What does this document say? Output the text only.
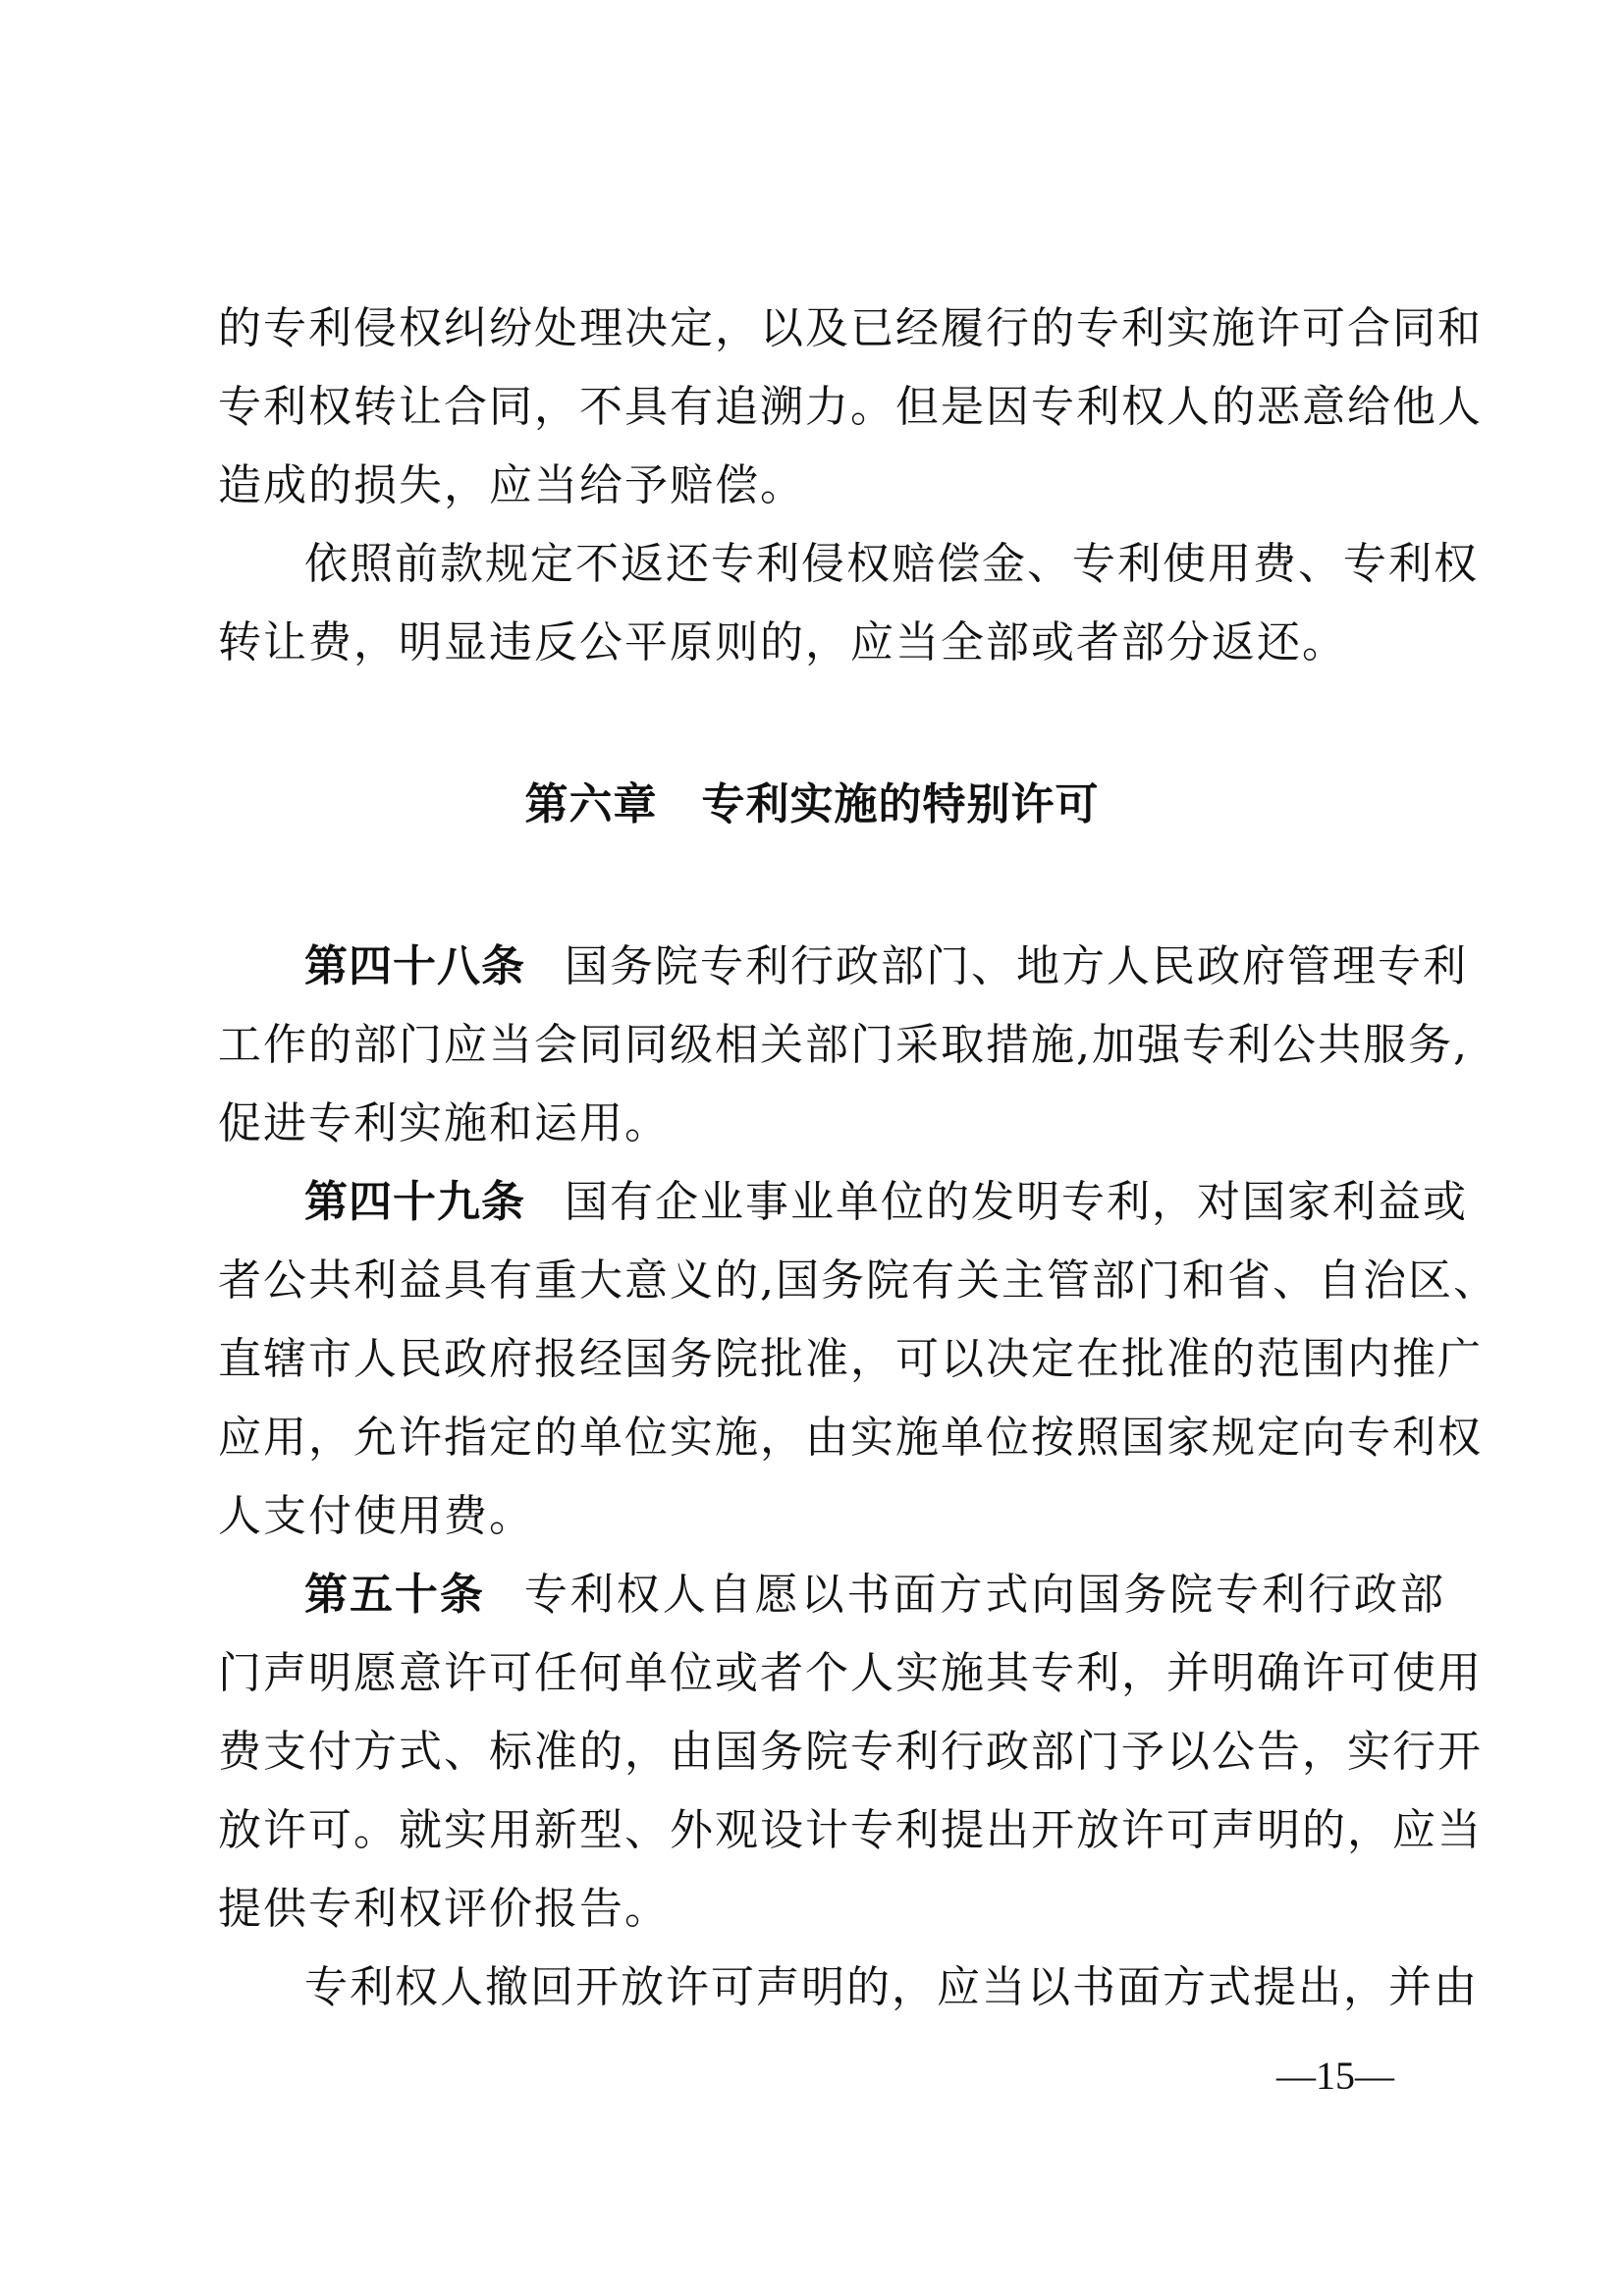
的专利侵权纠纷处理决定，以及已经履行的专利实施许可合同和
专利权转让合同，不具有追溯力。但是因专利权人的恶意给他人
造成的损失，应当给予赔偿。
依照前款规定不返还专利侵权赔偿金、专利使用费、专利权
转让费，明显违反公平原则的，应当全部或者部分返还。
第六章　专利实施的特别许可
第四十八条 国务院专利行政部门、地方人民政府管理专利
工作的部门应当会同同级相关部门采取措施,加强专利公共服务,
促进专利实施和运用。
第四十九条 国有企业事业单位的发明专利，对国家利益或
者公共利益具有重大意义的,国务院有关主管部门和省、自治区、
直辖市人民政府报经国务院批准，可以决定在批准的范围内推广
应用，允许指定的单位实施，由实施单位按照国家规定向专利权
人支付使用费。
第五十条 专利权人自愿以书面方式向国务院专利行政部
门声明愿意许可任何单位或者个人实施其专利，并明确许可使用
费支付方式、标准的，由国务院专利行政部门予以公告，实行开
放许可。就实用新型、外观设计专利提出开放许可声明的，应当
提供专利权评价报告。
专利权人撤回开放许可声明的，应当以书面方式提出，并由
—15—
